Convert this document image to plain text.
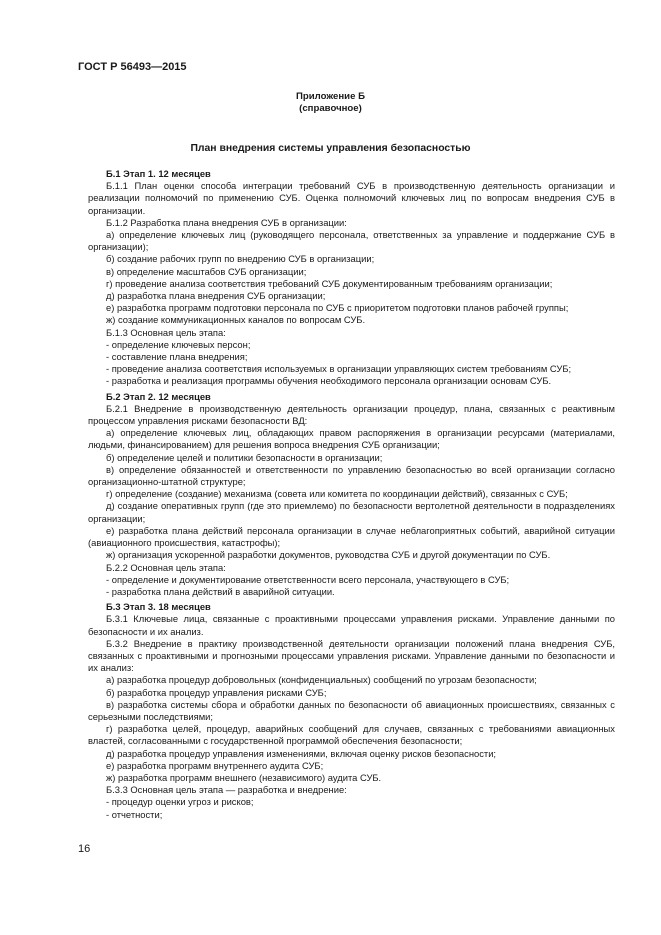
ГОСТ Р 56493—2015
Приложение Б
(справочное)
План внедрения системы управления безопасностью
Б.1 Этап 1. 12 месяцев

Б.1.1 План оценки способа интеграции требований СУБ в производственную деятельность организации и реализации полномочий по применению СУБ. Оценка полномочий ключевых лиц по вопросам внедрения СУБ в организации.

Б.1.2 Разработка плана внедрения СУБ в организации:

а) определение ключевых лиц (руководящего персонала, ответственных за управление и поддержание СУБ в организации);

б) создание рабочих групп по внедрению СУБ в организации;

в) определение масштабов СУБ организации;

г) проведение анализа соответствия требований СУБ документированным требованиям организации;

д) разработка плана внедрения СУБ организации;

е) разработка программ подготовки персонала по СУБ с приоритетом подготовки планов рабочей группы;

ж) создание коммуникационных каналов по вопросам СУБ.

Б.1.3 Основная цель этапа:

- определение ключевых персон;

- составление плана внедрения;

- проведение анализа соответствия используемых в организации управляющих систем требованиям СУБ;

- разработка и реализация программы обучения необходимого персонала организации основам СУБ.

Б.2 Этап 2. 12 месяцев

Б.2.1 Внедрение в производственную деятельность организации процедур, плана, связанных с реактивным процессом управления рисками безопасности ВД:

а) определение ключевых лиц, обладающих правом распоряжения в организации ресурсами (материалами, людьми, финансированием) для решения вопроса внедрения СУБ организации;

б) определение целей и политики безопасности в организации;

в) определение обязанностей и ответственности по управлению безопасностью во всей организации согласно организационно-штатной структуре;

г) определение (создание) механизма (совета или комитета по координации действий), связанных с СУБ;

д) создание оперативных групп (где это приемлемо) по безопасности вертолетной деятельности в подразделениях организации;

е) разработка плана действий персонала организации в случае неблагоприятных событий, аварийной ситуации (авиационного происшествия, катастрофы);

ж) организация ускоренной разработки документов, руководства СУБ и другой документации по СУБ.

Б.2.2 Основная цель этапа:

- определение и документирование ответственности всего персонала, участвующего в СУБ;

- разработка плана действий в аварийной ситуации.

Б.3 Этап 3. 18 месяцев

Б.3.1 Ключевые лица, связанные с проактивными процессами управления рисками. Управление данными по безопасности и их анализ.

Б.3.2 Внедрение в практику производственной деятельности организации положений плана внедрения СУБ, связанных с проактивными и прогнозными процессами управления рисками. Управление данными по безопасности и их анализ:

а) разработка процедур добровольных (конфиденциальных) сообщений по угрозам безопасности;

б) разработка процедур управления рисками СУБ;

в) разработка системы сбора и обработки данных по безопасности об авиационных происшествиях, связанных с серьезными последствиями;

г) разработка целей, процедур, аварийных сообщений для случаев, связанных с требованиями авиационных властей, согласованными с государственной программой обеспечения безопасности;

д) разработка процедур управления изменениями, включая оценку рисков безопасности;

е) разработка программ внутреннего аудита СУБ;

ж) разработка программ внешнего (независимого) аудита СУБ.

Б.3.3 Основная цель этапа — разработка и внедрение:

- процедур оценки угроз и рисков;

- отчетности;

16
